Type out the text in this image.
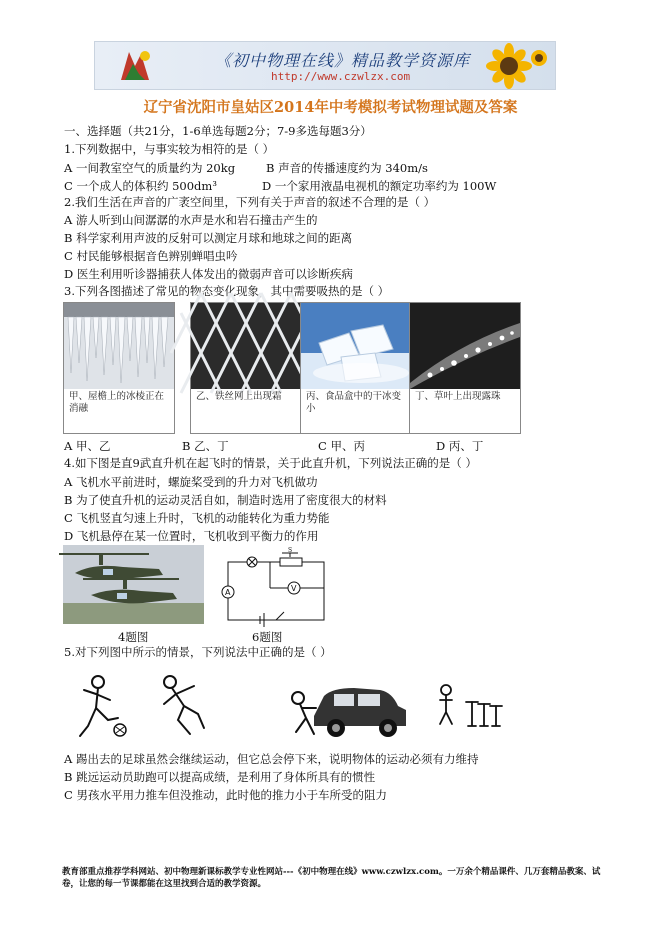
《初中物理在线》精品教学资源库
http://www.czwlzx.com
辽宁省沈阳市皇姑区2014年中考模拟考试物理试题及答案
一、选择题（共21分，1-6单选每题2分；7-9多选每题3分）
1.下列数据中，与事实较为相符的是（ ）
A 一间教室空气的质量约为 20kg	B 声音的传播速度约为 340m/s
C 一个成人的体积约 500dm³	D 一个家用液晶电视机的额定功率约为 100W
2.我们生活在声音的广袤空间里，下列有关于声音的叙述不合理的是（ ）
A 游人听到山间潺潺的水声是水和岩石撞击产生的
B 科学家利用声波的反射可以测定月球和地球之间的距离
C 村民能够根据音色辨别蝉唱虫吟
D 医生利用听诊器捕获人体发出的微弱声音可以诊断疾病
3.下列各图描述了常见的物态变化现象，其中需要吸热的是（ ）
甲、屋檐上的冰棱正在消融
乙、铁丝网上出现霜	丙、食品盒中的干冰变小
丁、草叶上出现露珠
A 甲、乙	B 乙、丁	C 甲、丙	D 丙、丁
4.如下图是直9武直升机在起飞时的情景，关于此直升机，下列说法正确的是（ ）
A 飞机水平前进时，螺旋桨受到的升力对飞机做功
B 为了使直升机的运动灵活自如，制造时选用了密度很大的材料
C 飞机竖直匀速上升时，飞机的动能转化为重力势能
D 飞机悬停在某一位置时，飞机收到平衡力的作用
A	V
S
4题图	6题图
5.对下列图中所示的情景，下列说法中正确的是（ ）
A 踢出去的足球虽然会继续运动，但它总会停下来，说明物体的运动必须有力维持
B 跳远运动员助跑可以提高成绩，是利用了身体所具有的惯性
C 男孩水平用力推车但没推动，此时他的推力小于车所受的阻力
教育部重点推荐学科网站、初中物理新课标教学专业性网站---《初中物理在线》www.czwlzx.com。一万余个精品课件、几万套精品教案、试卷，让您的每一节课都能在这里找到合适的教学资源。
